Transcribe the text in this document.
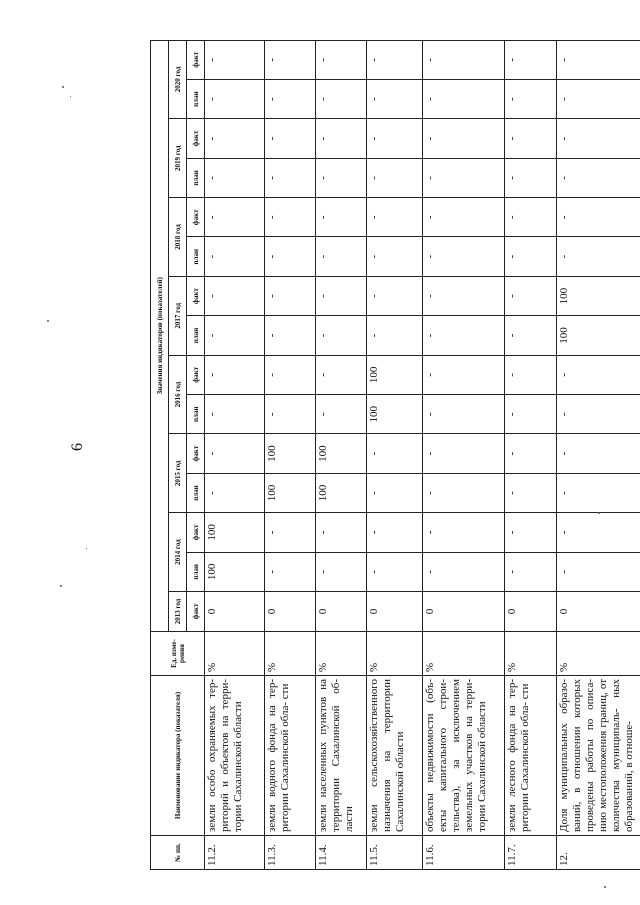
6
№ пп.	Наименование индикатора (показателя)	Ед. изме- рения	Значения индикаторов (показателей)														
			2013 год	2014 год		2015 год		2016 год		2017 год		2018 год		2019 год		2020 год	
			факт	план	факт	план	факт	план	факт	план	факт	план	факт	план	факт	план	факт
11.2.	земли особо охраняемых тер- риторий и объектов на терри- тории Сахалинской области	%	0	100	100	-	-	-	-	-	-	-	-	-	-	-	-
11.3.	земли водного фонда на тер- ритории Сахалинской обла- сти	%	0	-	-	100	100	-	-	-	-	-	-	-	-	-	-
11.4.	земли населенных пунктов на территории Сахалинской об- ласти	%	0	-	-	100	100	-	-	-	-	-	-	-	-	-	-
11.5.	земли сельскохозяйственного назначения на территории Сахалинской области	%	0	-	-	-	-	100	100	-	-	-	-	-	-	-	-
11.6.	объекты недвижимости (объ- екты капитального строи- тельства), за исключением земельных участков на терри- тории Сахалинской области	%	0	-	-	-	-	-	-	-	-	-	-	-	-	-	-
11.7.	земли лесного фонда на тер- ритории Сахалинской обла- сти	%	0	-	-	-	-	-	-	-	-	-	-	-	-	-	-
12.	Доля муниципальных образо- ваний, в отношении которых проведены работы по описа- нию местоположения границ, от количества муниципаль- ных образований, в отноше-	%	0	-	-	-	-	-	-	100	100	-	-	-	-	-	-
